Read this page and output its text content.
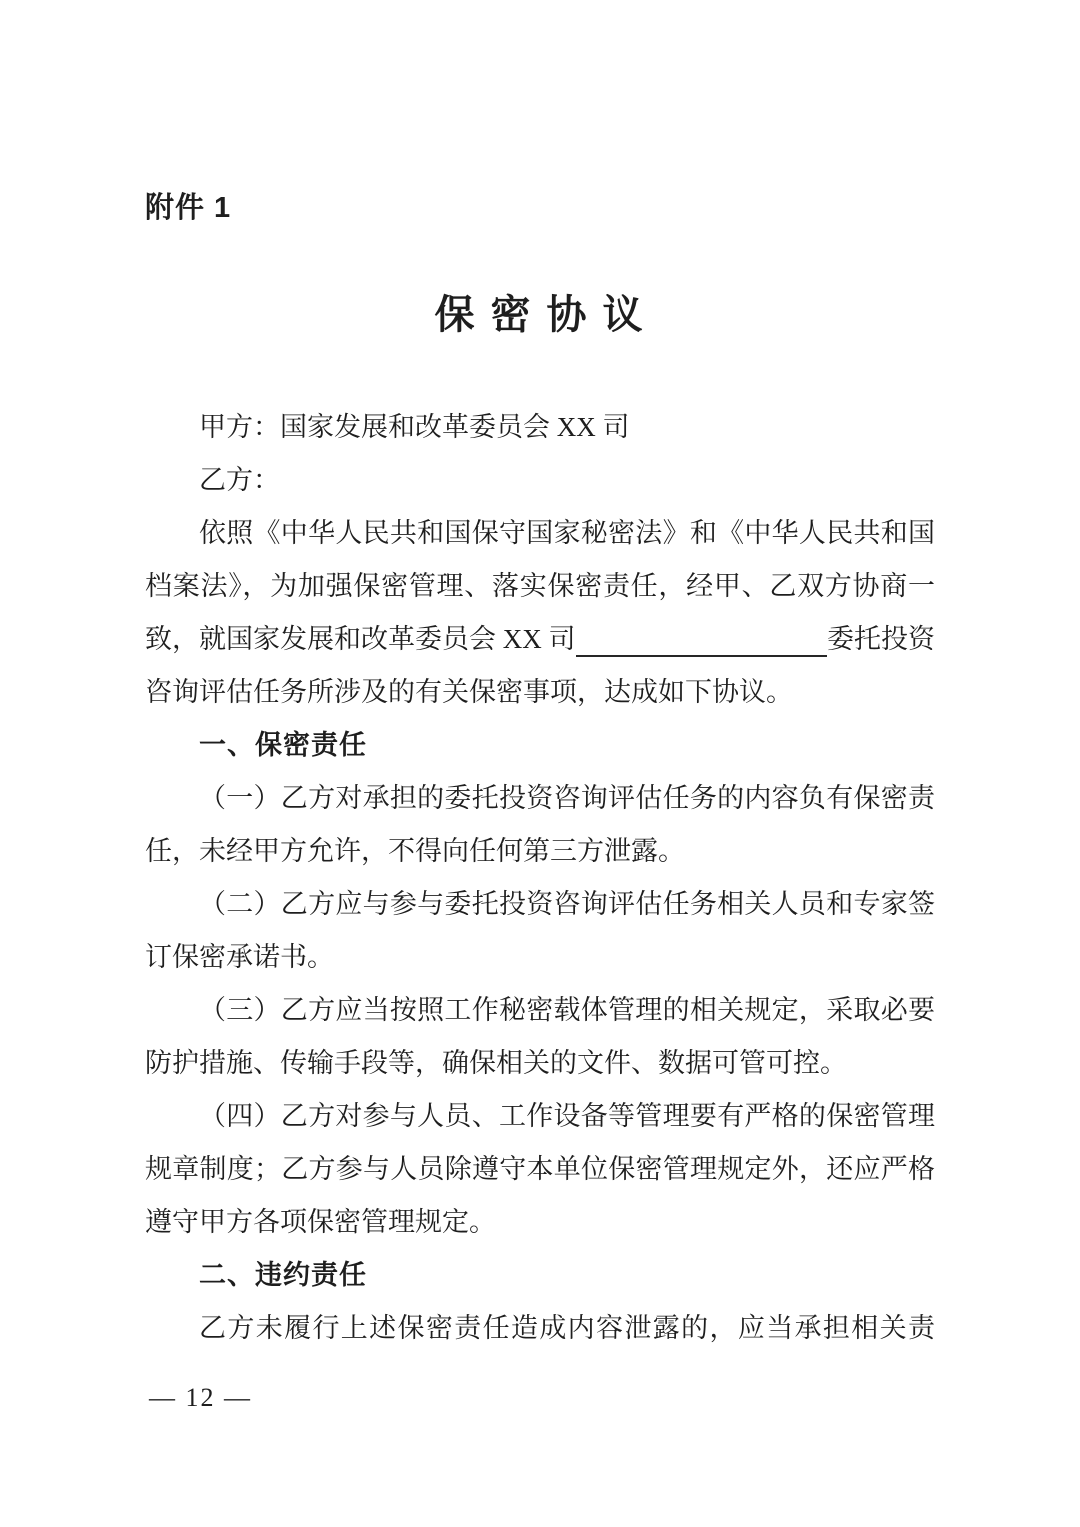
附件 1
保 密 协 议
甲方：国家发展和改革委员会 XX 司
乙方：
依照《中华人民共和国保守国家秘密法》和《中华人民共和国
档案法》，为加强保密管理、落实保密责任，经甲、乙双方协商一
致，就国家发展和改革委员会 XX 司	委托投资
咨询评估任务所涉及的有关保密事项，达成如下协议。
一、保密责任
（一）乙方对承担的委托投资咨询评估任务的内容负有保密责
任，未经甲方允许，不得向任何第三方泄露。
（二）乙方应与参与委托投资咨询评估任务相关人员和专家签
订保密承诺书。
（三）乙方应当按照工作秘密载体管理的相关规定，采取必要
防护措施、传输手段等，确保相关的文件、数据可管可控。
（四）乙方对参与人员、工作设备等管理要有严格的保密管理
规章制度；乙方参与人员除遵守本单位保密管理规定外，还应严格
遵守甲方各项保密管理规定。
二、违约责任
乙方未履行上述保密责任造成内容泄露的，应当承担相关责
— 12 —
